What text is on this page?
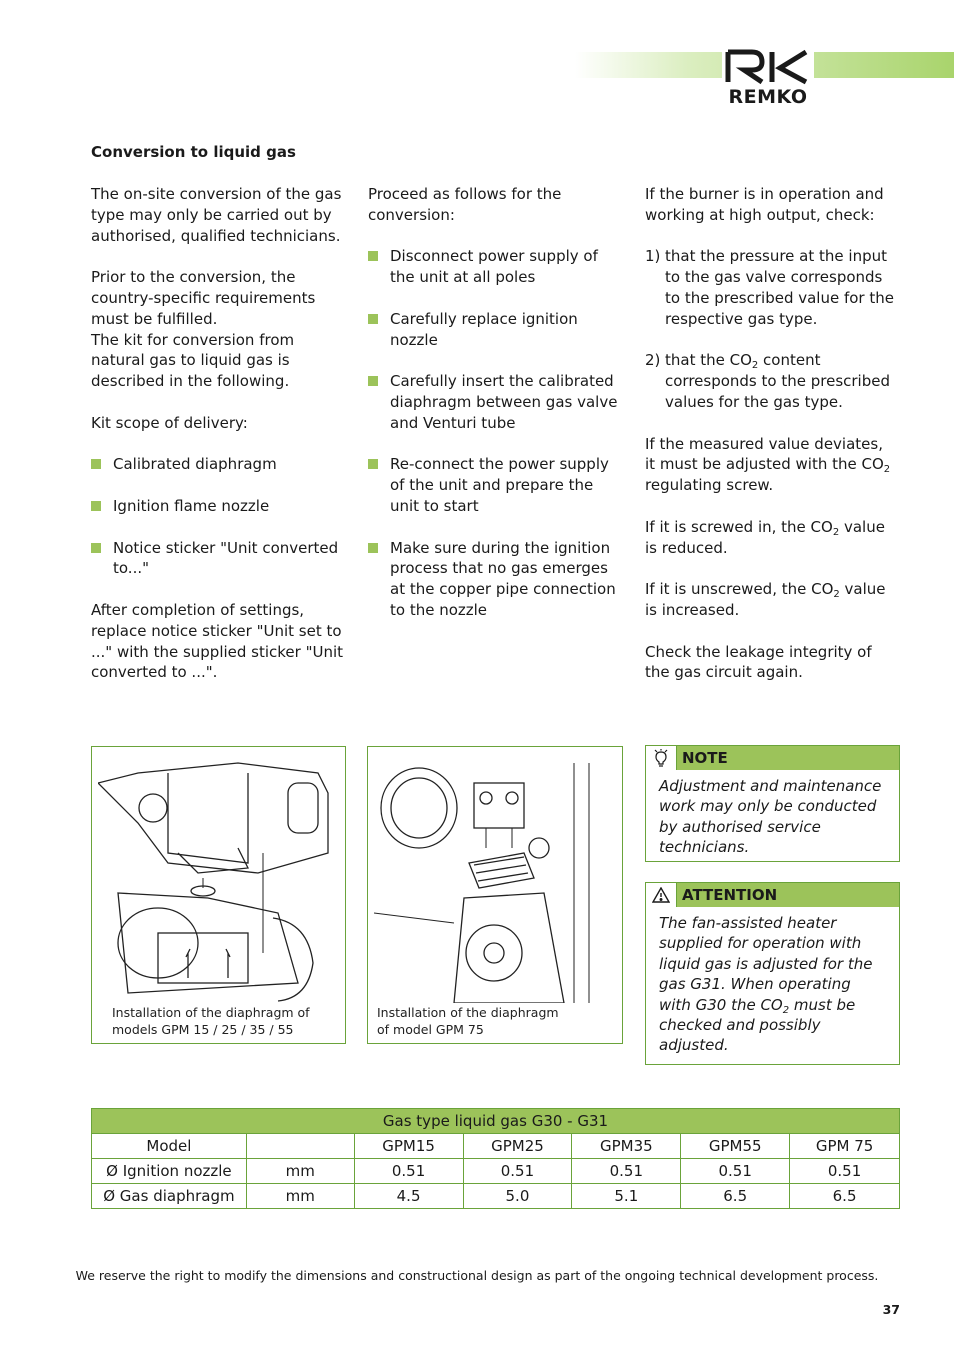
REMKO
Conversion to liquid gas

The on-site conversion of the gas type may only be carried out by authorised, qualified technicians.

Prior to the conversion, the country-specific requirements must be fulfilled.

The kit for conversion from natural gas to liquid gas is described in the following.

Kit scope of delivery:

Calibrated diaphragm
Ignition flame nozzle
Notice sticker "Unit converted to..."

After completion of settings, replace notice sticker "Unit set to ..." with the supplied sticker "Unit converted to ...".

Proceed as follows for the conversion:

Disconnect power supply of the unit at all poles
Carefully replace ignition nozzle
Carefully insert the calibrated diaphragm between gas valve and Venturi tube
Re-connect the power supply of the unit and prepare the unit to start
Make sure during the ignition process that no gas emerges at the copper pipe connection to the nozzle

If the burner is in operation and working at high output, check:

1) that the pressure at the input to the gas valve corresponds to the prescribed value for the respective gas type.
2) that the $CO_2$ content corresponds to the prescribed values for the gas type.

If the measured value deviates, it must be adjusted with the $CO_2$ regulating screw.

If it is screwed in, the $CO_2$ value is reduced.

If it is unscrewed, the $CO_2$ value is increased.

Check the leakage integrity of the gas circuit again.

Installation of the diaphragm of
models GPM 15 / 25 / 35 / 55
Installation of the diaphragm
of model GPM 75
NOTE
Adjustment and maintenance work may only be conducted by authorised service technicians.
ATTENTION
The fan-assisted heater supplied for operation with liquid gas is adjusted for the gas G31. When operating with G30 the $CO_2$ must be checked and possibly adjusted.
Gas type liquid gas G30 - G31						
Model		GPM15	GPM25	GPM35	GPM55	GPM 75
Ø Ignition nozzle	mm	0.51	0.51	0.51	0.51	0.51
Ø Gas diaphragm	mm	4.5	5.0	5.1	6.5	6.5
We reserve the right to modify the dimensions and constructional design as part of the ongoing technical development process.
37
